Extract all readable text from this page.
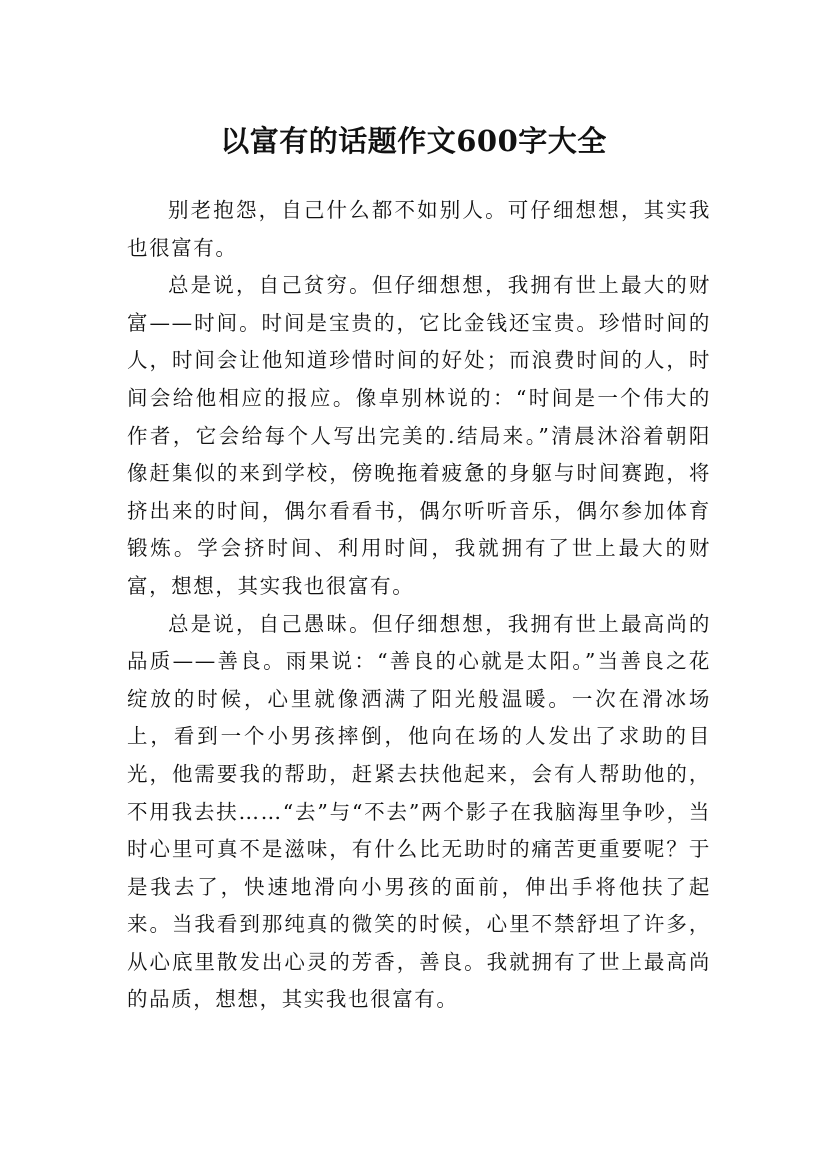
以富有的话题作文600字大全

别老抱怨，自己什么都不如别人。可仔细想想，其实我也很富有。

总是说，自己贫穷。但仔细想想，我拥有世上最大的财富——时间。时间是宝贵的，它比金钱还宝贵。珍惜时间的人，时间会让他知道珍惜时间的好处；而浪费时间的人，时间会给他相应的报应。像卓别林说的：“时间是一个伟大的作者，它会给每个人写出完美的.结局来。”清晨沐浴着朝阳像赶集似的来到学校，傍晚拖着疲惫的身躯与时间赛跑，将挤出来的时间，偶尔看看书，偶尔听听音乐，偶尔参加体育锻炼。学会挤时间、利用时间，我就拥有了世上最大的财富，想想，其实我也很富有。

总是说，自己愚昧。但仔细想想，我拥有世上最高尚的品质——善良。雨果说：“善良的心就是太阳。”当善良之花绽放的时候，心里就像洒满了阳光般温暖。一次在滑冰场上，看到一个小男孩摔倒，他向在场的人发出了求助的目光，他需要我的帮助，赶紧去扶他起来，会有人帮助他的，不用我去扶……“去”与“不去”两个影子在我脑海里争吵，当时心里可真不是滋味，有什么比无助时的痛苦更重要呢？于是我去了，快速地滑向小男孩的面前，伸出手将他扶了起来。当我看到那纯真的微笑的时候，心里不禁舒坦了许多，从心底里散发出心灵的芳香，善良。我就拥有了世上最高尚的品质，想想，其实我也很富有。
